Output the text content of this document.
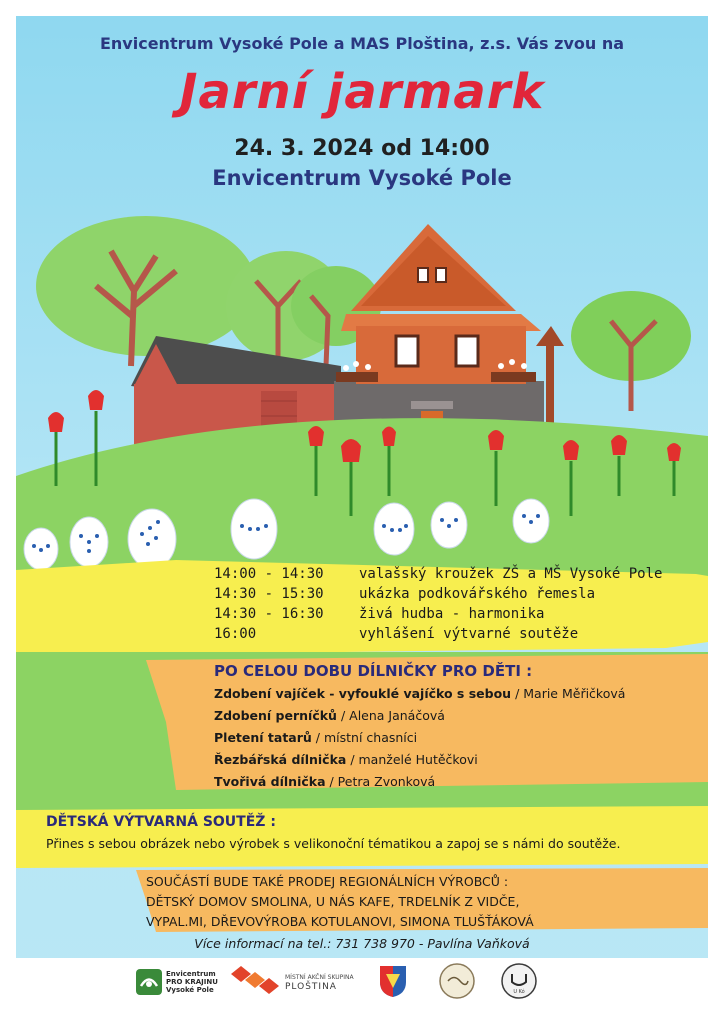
Envicentrum Vysoké Pole a MAS Ploština, z.s. Vás zvou na
Jarní jarmark
24. 3. 2024 od 14:00
Envicentrum Vysoké Pole
14:00 - 14:30	valašský kroužek ZŠ a MŠ Vysoké Pole
14:30 - 15:30	ukázka podkovářského řemesla
14:30 - 16:30	živá hudba - harmonika
16:00	vyhlášení výtvarné soutěže
PO CELOU DOBU DÍLNIČKY PRO DĚTI :
Zdobení vajíček - vyfouklé vajíčko s sebou / Marie Měřičková
Zdobení perníčků / Alena Janáčová
Pletení tatarů / místní chasníci
Řezbářská dílnička / manželé Hutěčkovi
Tvořivá dílnička / Petra Zvonková
DĚTSKÁ VÝTVARNÁ SOUTĚŽ :
Přines s sebou obrázek nebo výrobek s velikonoční tématikou a zapoj se s námi do soutěže.
SOUČÁSTÍ BUDE TAKÉ PRODEJ REGIONÁLNÍCH VÝROBCŮ :
DĚTSKÝ DOMOV SMOLINA, U NÁS KAFE, TRDELNÍK Z VIDČE,
VYPAL.MI, DŘEVOVÝROBA KOTULANOVI, SIMONA TLUŠŤÁKOVÁ
Více informací na tel.: 731 738 970 - Pavlína Vaňková
Envicentrum
PRO KRAJINU
Vysoké Pole
MÍSTNÍ AKČNÍ SKUPINA
PLOŠTINA	U Kó
